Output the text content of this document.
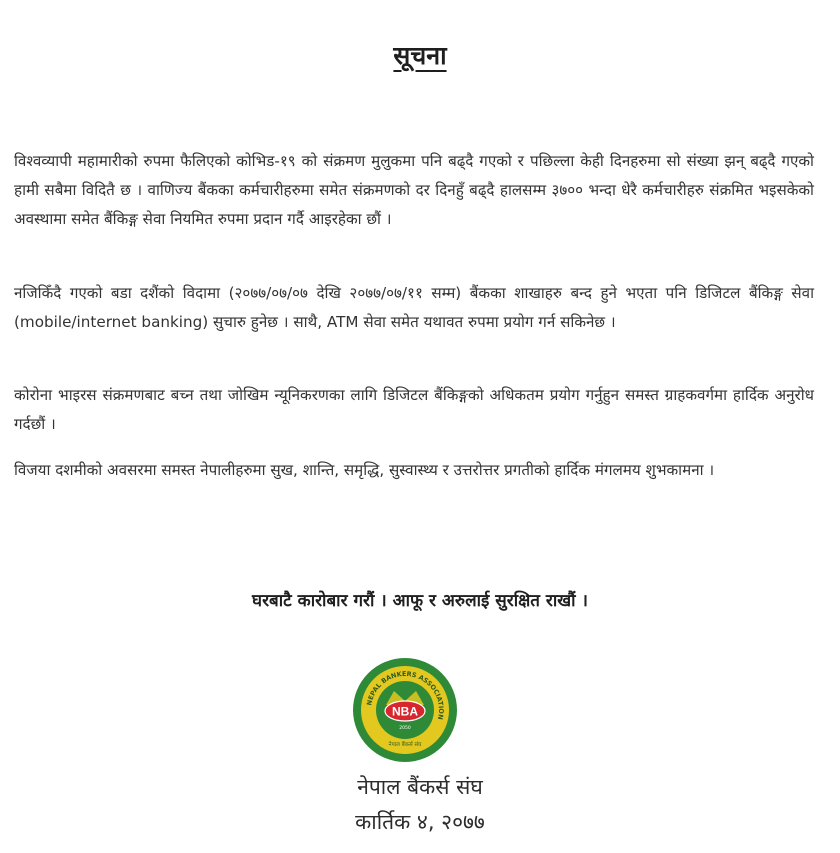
सूचना

विश्वव्यापी महामारीको रुपमा फैलिएको कोभिड-१९ को संक्रमण मुलुकमा पनि बढ्दै गएको र पछिल्ला केही दिनहरुमा सो संख्या झन् बढ्दै गएको हामी सबैमा विदितै छ । वाणिज्य बैंकका कर्मचारीहरुमा समेत संक्रमणको दर दिनहुँ बढ्दै हालसम्म ३७०० भन्दा धेरै कर्मचारीहरु संक्रमित भइसकेको अवस्थामा समेत बैंकिङ्ग सेवा नियमित रुपमा प्रदान गर्दै आइरहेका छौं ।

नजिकिँदै गएको बडा दशैंको विदामा (२०७७/०७/०७ देखि २०७७/०७/११ सम्म) बैंकका शाखाहरु बन्द हुने भएता पनि डिजिटल बैंकिङ्ग सेवा (mobile/internet banking) सुचारु हुनेछ । साथै, ATM सेवा समेत यथावत रुपमा प्रयोग गर्न सकिनेछ ।

कोरोना भाइरस संक्रमणबाट बच्न तथा जोखिम न्यूनिकरणका लागि डिजिटल बैंकिङ्गको अधिकतम प्रयोग गर्नुहुन समस्त ग्राहकवर्गमा हार्दिक अनुरोध गर्दछौं ।

विजया दशमीको अवसरमा समस्त नेपालीहरुमा सुख, शान्ति, समृद्धि, सुस्वास्थ्य र उत्तरोत्तर प्रगतीको हार्दिक मंगलमय शुभकामना ।

घरबाटै कारोबार गरौं । आफू र अरुलाई सुरक्षित राखौं ।
NEPAL BANKERS ASSOCIATION
NBA
2050
नेपाल बैंकर्स संघ
नेपाल बैंकर्स संघ
कार्तिक ४, २०७७
